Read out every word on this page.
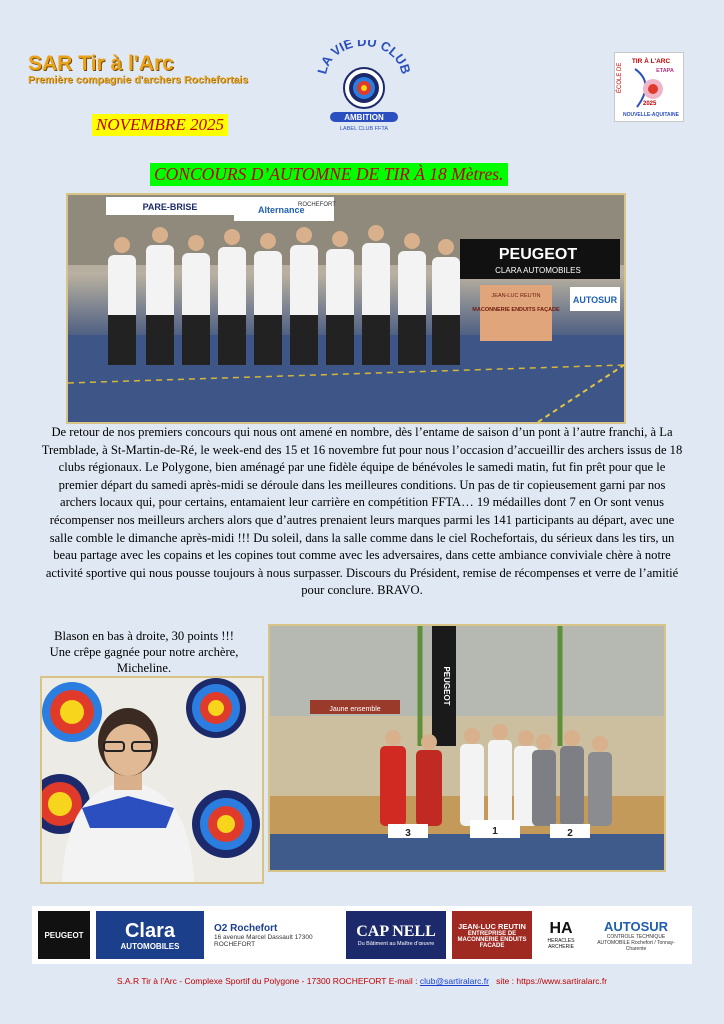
SAR Tir à l'Arc
Première compagnie d'archers Rochefortais
A VIE DU CLU
AMBITION
LABEL CLUB FFTA
TIR À L'ARC
ÉCOLE DE	ETAPA
2025
NOUVELLE-AQUITAINE
NOVEMBRE 2025
CONCOURS D’AUTOMNE DE TIR À 18 Mètres.
PARE-BRISE	Alternance
ROCHEFORT
PEUGEOT
CLARA AUTOMOBILES
JEAN-LUC REUTIN
MACONNERIE ENDUITS FAÇADE
AUTOSUR
De retour de nos premiers concours qui nous ont amené en nombre, dès l’entame de saison d’un pont à l’autre franchi, à La Tremblade, à St-Martin-de-Ré, le week-end des 15 et 16 novembre fut pour nous l’occasion d’accueillir des archers issus de 18 clubs régionaux. Le Polygone, bien aménagé par une fidèle équipe de bénévoles le samedi matin, fut fin prêt pour que le premier départ du samedi après-midi se déroule dans les meilleures conditions. Un pas de tir copieusement garni par nos archers locaux qui, pour certains, entamaient leur carrière en compétition FFTA… 19 médailles dont 7 en Or sont venus récompenser nos meilleurs archers alors que d’autres prenaient leurs marques parmi les 141 participants au départ, avec une salle comble le dimanche après-midi !!! Du soleil, dans la salle comme dans le ciel Rochefortais, du sérieux dans les tirs, un beau partage avec les copains et les copines tout comme avec les adversaires, dans cette ambiance conviviale chère à notre activité sportive qui nous pousse toujours à nous surpasser. Discours du Président, remise de récompenses et verre de l’amitié pour conclure. BRAVO.
Blason en bas à droite, 30 points !!!
Une crêpe gagnée pour notre archère,
Micheline.
Jaune ensemble
PEUGEOT
3	1	2
PEUGEOT	Clara
AUTOMOBILES
O2 Rochefort
16 avenue Marcel Dassault 17300 ROCHEFORT
CAP NELL
Du Bâtiment au Maître d’œuvre
JEAN-LUC REUTIN
ENTREPRISE DE MACONNERIE ENDUITS FACADE
HA
HERACLES ARCHERIE
AUTOSUR
CONTROLE TECHNIQUE AUTOMOBILE Rochefort / Tonnay-Charente
S.A.R Tir à l’Arc - Complexe Sportif du Polygone - 17300 ROCHEFORT E-mail : club@sartiralarc.fr site : https://www.sartiralarc.fr
